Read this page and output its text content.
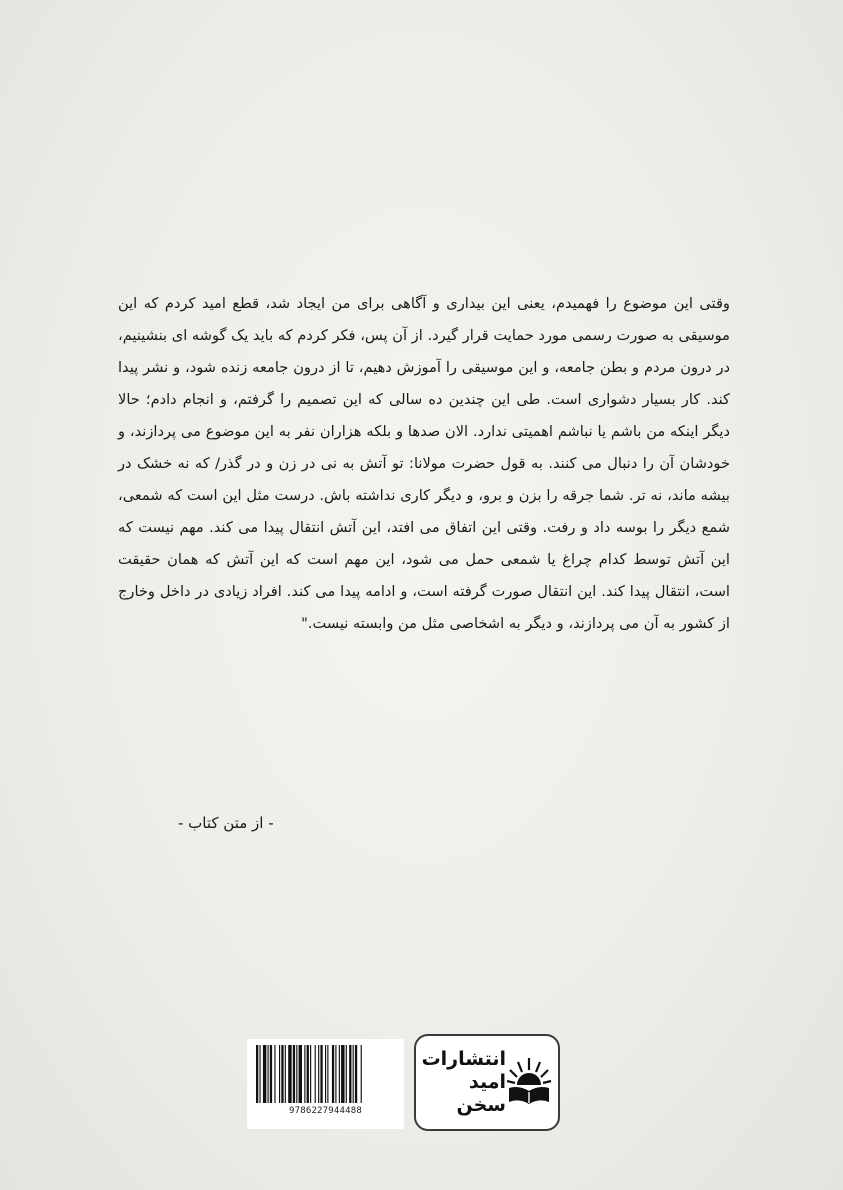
وقتی این موضوع را فهمیدم، یعنی این بیداری و آگاهی برای من ایجاد شد، قطع امید کردم که این موسیقی به صورت رسمی مورد حمایت قرار گیرد. از آن پس، فکر کردم که باید یک گوشه ای بنشینیم، در درون مردم و بطن جامعه، و این موسیقی را آموزش دهیم، تا از درون جامعه زنده شود، و نشر پیدا کند. کار بسیار دشواری است. طی این چندین ده سالی که این تصمیم را گرفتم، و انجام دادم؛ حالا دیگر اینکه من باشم یا نباشم اهمیتی ندارد. الان صدها و بلکه هزاران نفر به این موضوع می پردازند، و خودشان آن را دنبال می کنند. به قول حضرت مولانا: تو آتش به نی در زن و در گذر/ که نه خشک در بیشه ماند، نه تر. شما جرقه را بزن و برو، و دیگر کاری نداشته باش. درست مثل این است که شمعی، شمع دیگر را بوسه داد و رفت. وقتی این اتفاق می افتد، این آتش انتقال پیدا می کند. مهم نیست که این آتش توسط کدام چراغ یا شمعی حمل می شود، این مهم است که این آتش که همان حقیقت است، انتقال پیدا کند. این انتقال صورت گرفته است، و ادامه پیدا می کند. افراد زیادی در داخل وخارج از کشور به آن می پردازند، و دیگر به اشخاصی مثل من وابسته نیست."

- از متن کتاب -
9786227944488
انتشارات
امید
سخن
